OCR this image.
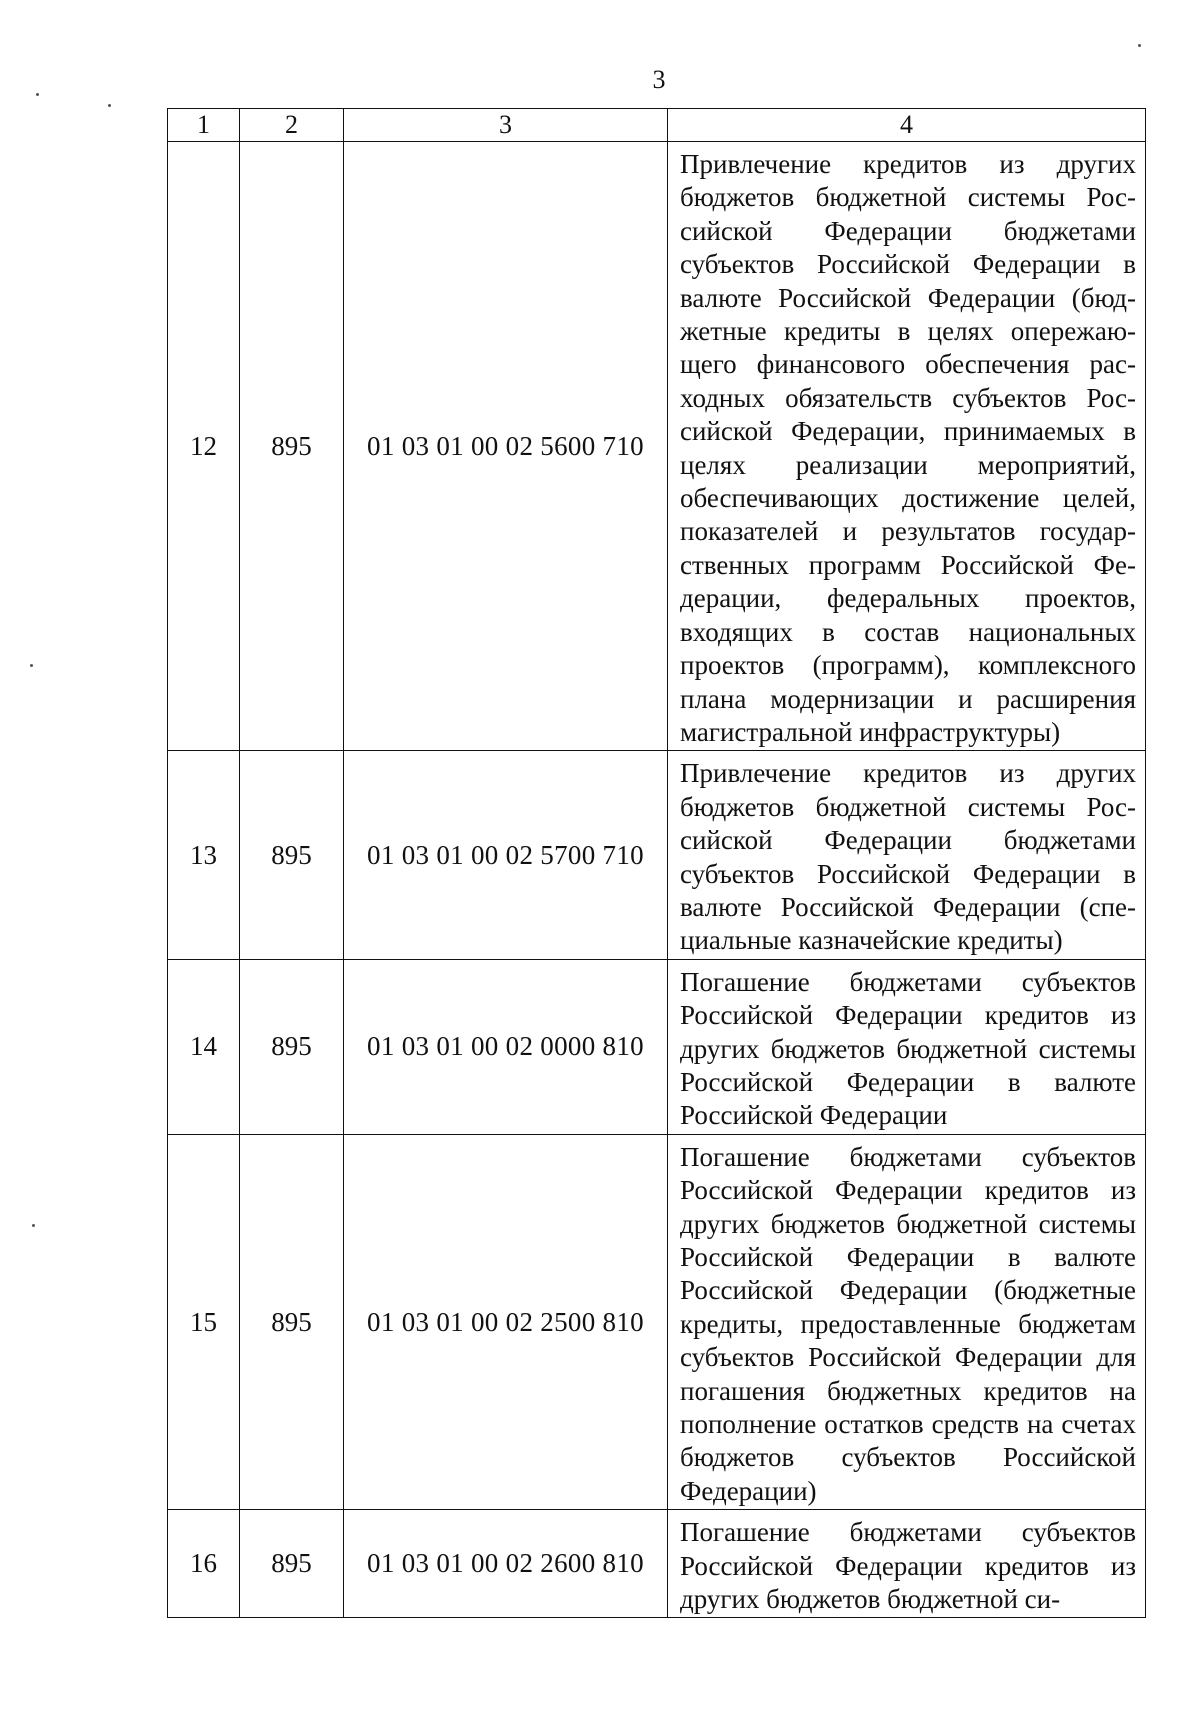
3
1	2	3	4
12	895	01 03 01 00 02 5600 710	Привлечение кредитов из других бюджетов бюджетной системы Российской Федерации бюджетами субъектов Российской Федерации в валюте Российской Федерации (бюджетные кредиты в целях опережающего финансового обеспечения расходных обязательств субъектов Российской Федерации, принимаемых в целях реализации мероприятий, обеспечивающих достижение целей, показателей и результатов государственных программ Российской Федерации, федеральных проектов, входящих в состав национальных проектов (программ), комплексного плана модернизации и расширения магистральной инфраструктуры)
13	895	01 03 01 00 02 5700 710	Привлечение кредитов из других бюджетов бюджетной системы Российской Федерации бюджетами субъектов Российской Федерации в валюте Российской Федерации (специальные казначейские кредиты)
14	895	01 03 01 00 02 0000 810	Погашение бюджетами субъектов Российской Федерации кредитов из других бюджетов бюджетной системы Российской Федерации в валюте Российской Федерации
15	895	01 03 01 00 02 2500 810	Погашение бюджетами субъектов Российской Федерации кредитов из других бюджетов бюджетной системы Российской Федерации в валюте Российской Федерации (бюджетные кредиты, предоставленные бюджетам субъектов Российской Федерации для погашения бюджетных кредитов на пополнение остатков средств на счетах бюджетов субъектов Российской Федерации)
16	895	01 03 01 00 02 2600 810	Погашение бюджетами субъектов Российской Федерации кредитов из других бюджетов бюджетной си-
